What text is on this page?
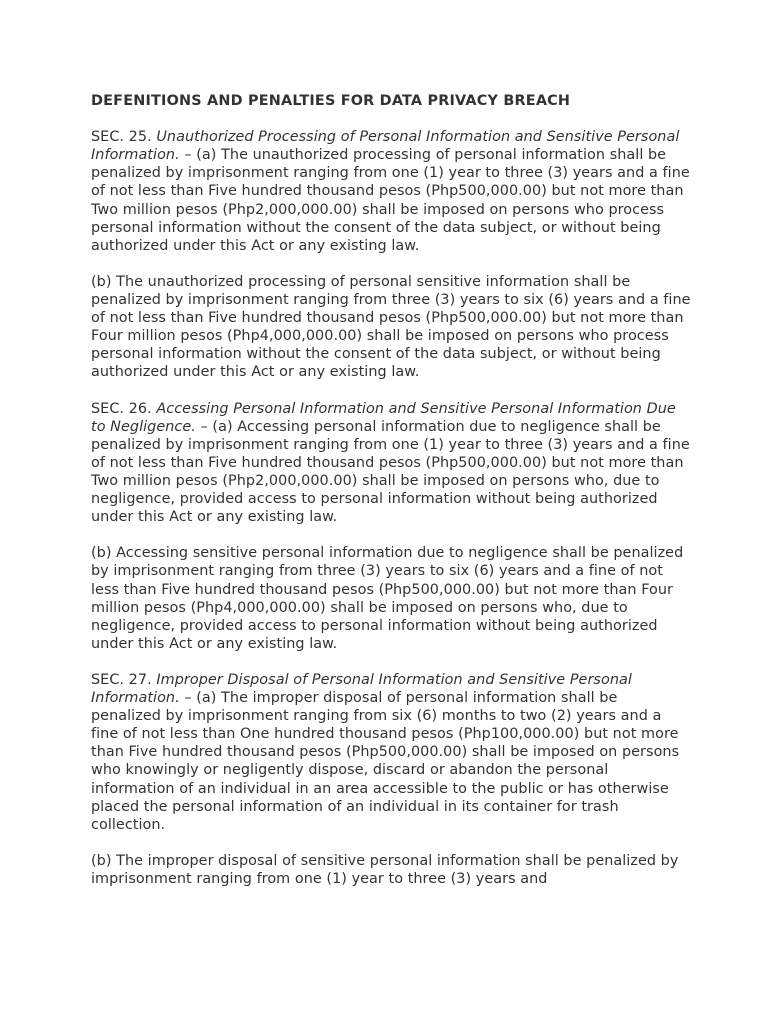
DEFENITIONS AND PENALTIES FOR DATA PRIVACY BREACH

SEC. 25. Unauthorized Processing of Personal Information and Sensitive Personal Information. – (a) The unauthorized processing of personal information shall be penalized by imprisonment ranging from one (1) year to three (3) years and a fine of not less than Five hundred thousand pesos (Php500,000.00) but not more than Two million pesos (Php2,000,000.00) shall be imposed on persons who process personal information without the consent of the data subject, or without being authorized under this Act or any existing law.

(b) The unauthorized processing of personal sensitive information shall be penalized by imprisonment ranging from three (3) years to six (6) years and a fine of not less than Five hundred thousand pesos (Php500,000.00) but not more than Four million pesos (Php4,000,000.00) shall be imposed on persons who process personal information without the consent of the data subject, or without being authorized under this Act or any existing law.

SEC. 26. Accessing Personal Information and Sensitive Personal Information Due to Negligence. – (a) Accessing personal information due to negligence shall be penalized by imprisonment ranging from one (1) year to three (3) years and a fine of not less than Five hundred thousand pesos (Php500,000.00) but not more than Two million pesos (Php2,000,000.00) shall be imposed on persons who, due to negligence, provided access to personal information without being authorized under this Act or any existing law.

(b) Accessing sensitive personal information due to negligence shall be penalized by imprisonment ranging from three (3) years to six (6) years and a fine of not less than Five hundred thousand pesos (Php500,000.00) but not more than Four million pesos (Php4,000,000.00) shall be imposed on persons who, due to negligence, provided access to personal information without being authorized under this Act or any existing law.

SEC. 27. Improper Disposal of Personal Information and Sensitive Personal Information. – (a) The improper disposal of personal information shall be penalized by imprisonment ranging from six (6) months to two (2) years and a fine of not less than One hundred thousand pesos (Php100,000.00) but not more than Five hundred thousand pesos (Php500,000.00) shall be imposed on persons who knowingly or negligently dispose, discard or abandon the personal information of an individual in an area accessible to the public or has otherwise placed the personal information of an individual in its container for trash collection.

(b) The improper disposal of sensitive personal information shall be penalized by imprisonment ranging from one (1) year to three (3) years and
